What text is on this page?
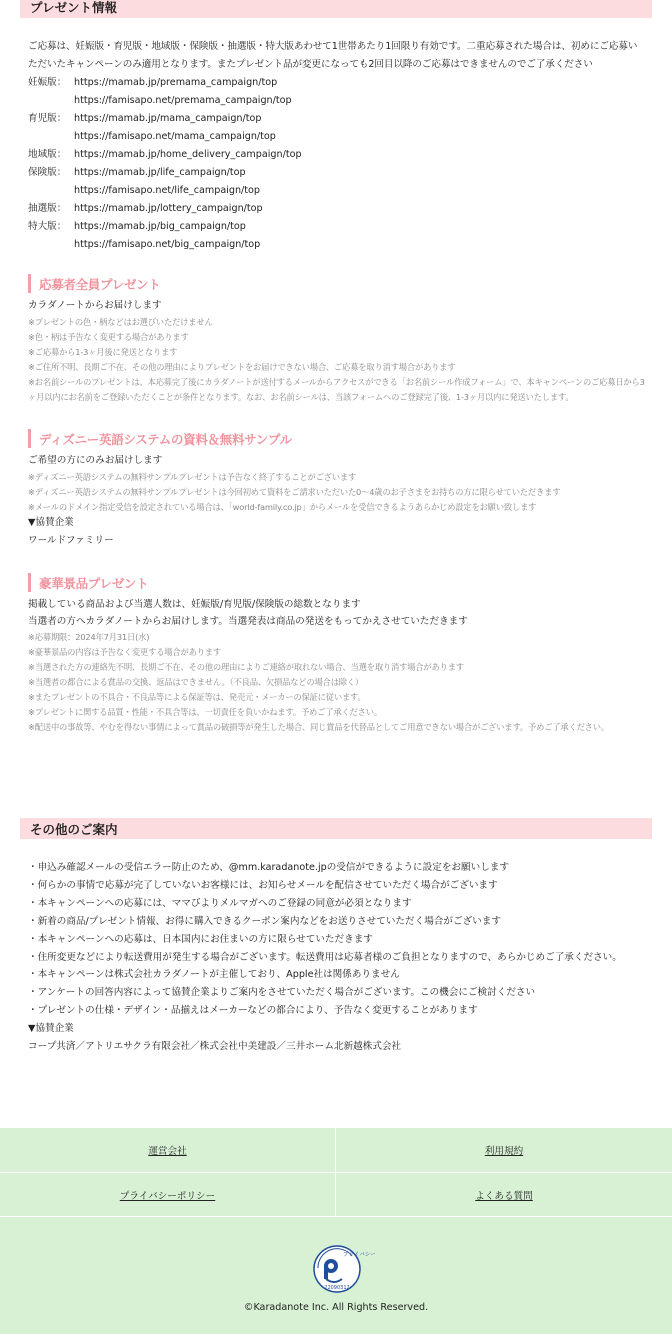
プレゼント情報
ご応募は、妊娠版・育児版・地域版・保険版・抽選版・特大版あわせて1世帯あたり1回限り有効です。二重応募された場合は、初めにご応募いただいたキャンペーンのみ適用となります。またプレゼント品が変更になっても2回目以降のご応募はできませんのでご了承ください
妊娠版： https://mamab.jp/premama_campaign/top
https://famisapo.net/premama_campaign/top
育児版： https://mamab.jp/mama_campaign/top
https://famisapo.net/mama_campaign/top
地域版： https://mamab.jp/home_delivery_campaign/top
保険版： https://mamab.jp/life_campaign/top
https://famisapo.net/life_campaign/top
抽選版： https://mamab.jp/lottery_campaign/top
特大版： https://mamab.jp/big_campaign/top
https://famisapo.net/big_campaign/top
応募者全員プレゼント
カラダノートからお届けします
※プレゼントの色・柄などはお選びいただけません
※色・柄は予告なく変更する場合があります
※ご応募から1-3ヶ月後に発送となります
※ご住所不明、長期ご不在、その他の理由によりプレゼントをお届けできない場合、ご応募を取り消す場合があります
※お名前シールのプレゼントは、本応募完了後にカラダノートが送付するメールからアクセスができる「お名前シール作成フォーム」で、本キャンペーンのご応募日から3ヶ月以内にお名前をご登録いただくことが条件となります。なお、お名前シールは、当該フォームへのご登録完了後、1-3ヶ月以内に発送いたします。
ディズニー英語システムの資料＆無料サンプル
ご希望の方にのみお届けします
※ディズニー英語システムの無料サンプルプレゼントは予告なく終了することがございます
※ディズニー英語システムの無料サンプルプレゼントは今回初めて資料をご請求いただいた0〜4歳のお子さまをお持ちの方に限らせていただきます
※メールのドメイン指定受信を設定されている場合は、「world-family.co.jp」からメールを受信できるようあらかじめ設定をお願い致します
▼協賛企業
ワールドファミリー
豪華景品プレゼント
掲載している商品および当選人数は、妊娠版/育児版/保険版の総数となります
当選者の方へカラダノートからお届けします。当選発表は商品の発送をもってかえさせていただきます
※応募期限：2024年7月31日(水)
※豪華景品の内容は予告なく変更する場合があります
※当選された方の連絡先不明、長期ご不在、その他の理由によりご連絡が取れない場合、当選を取り消す場合があります
※当選者の都合による賞品の交換、返品はできません。（不良品、欠損品などの場合は除く）
※またプレゼントの不具合・不良品等による保証等は、発売元・メーカーの保証に従います。
※プレゼントに関する品質・性能・不具合等は、一切責任を負いかねます。予めご了承ください。
※配送中の事故等、やむを得ない事情によって賞品の破損等が発生した場合、同じ賞品を代替品としてご用意できない場合がございます。予めご了承ください。
その他のご案内
・申込み確認メールの受信エラー防止のため、@mm.karadanote.jpの受信ができるように設定をお願いします
・何らかの事情で応募が完了していないお客様には、お知らせメールを配信させていただく場合がございます
・本キャンペーンへの応募には、ママびよりメルマガへのご登録の同意が必須となります
・新着の商品/プレゼント情報、お得に購入できるクーポン案内などをお送りさせていただく場合がございます
・本キャンペーンへの応募は、日本国内にお住まいの方に限らせていただきます
・住所変更などにより転送費用が発生する場合がございます。転送費用は応募者様のご負担となりますので、あらかじめご了承ください。
・本キャンペーンは株式会社カラダノートが主催しており、Apple社は関係ありません
・アンケートの回答内容によって協賛企業よりご案内をさせていただく場合がございます。この機会にご検討ください
・プレゼントの仕様・デザイン・品揃えはメーカーなどの都合により、予告なく変更することがあります
▼協賛企業
コープ共済／アトリエサクラ有限会社／株式会社中美建設／三井ホーム北新越株式会社
運営会社	利用規約
プライバシーポリシー	よくある質問
プライバシー
22090312
©Karadanote Inc. All Rights Reserved.
